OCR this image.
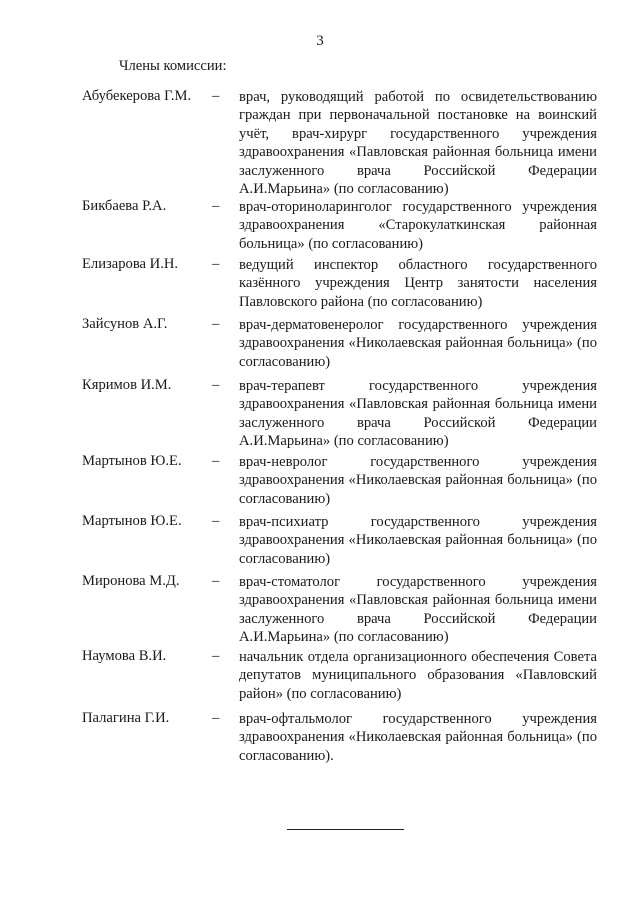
3
Члены комиссии:
Абубекерова Г.М. – врач, руководящий работой по освидетельствованию граждан при первоначальной постановке на воинский учёт, врач-хирург государственного учреждения здравоохранения «Павловская районная больница имени заслуженного врача Российской Федерации А.И.Марьина» (по согласованию)
Бикбаева Р.А.	– врач-оториноларинголог государственного учреждения здравоохранения «Старокулаткинская районная больница» (по согласованию)
Елизарова И.Н. – ведущий инспектор областного государственного казённого учреждения Центр занятости населения Павловского района (по согласованию)
Зайсунов А.Г.	– врач-дерматовенеролог государственного учреждения здравоохранения «Николаевская районная больница» (по согласованию)
Кяримов И.М.	– врач-терапевт государственного учреждения здравоохранения «Павловская районная больница имени заслуженного врача Российской Федерации А.И.Марьина» (по согласованию)
Мартынов Ю.Е. – врач-невролог государственного учреждения здравоохранения «Николаевская районная больница» (по согласованию)
Мартынов Ю.Е. – врач-психиатр государственного учреждения здравоохранения «Николаевская районная больница» (по согласованию)
Миронова М.Д. – врач-стоматолог государственного учреждения здравоохранения «Павловская районная больница имени заслуженного врача Российской Федерации А.И.Марьина» (по согласованию)
Наумова В.И.	– начальник отдела организационного обеспечения Совета депутатов муниципального образования «Павловский район» (по согласованию)
Палагина Г.И.	– врач-офтальмолог государственного учреждения здравоохранения «Николаевская районная больница» (по согласованию).
